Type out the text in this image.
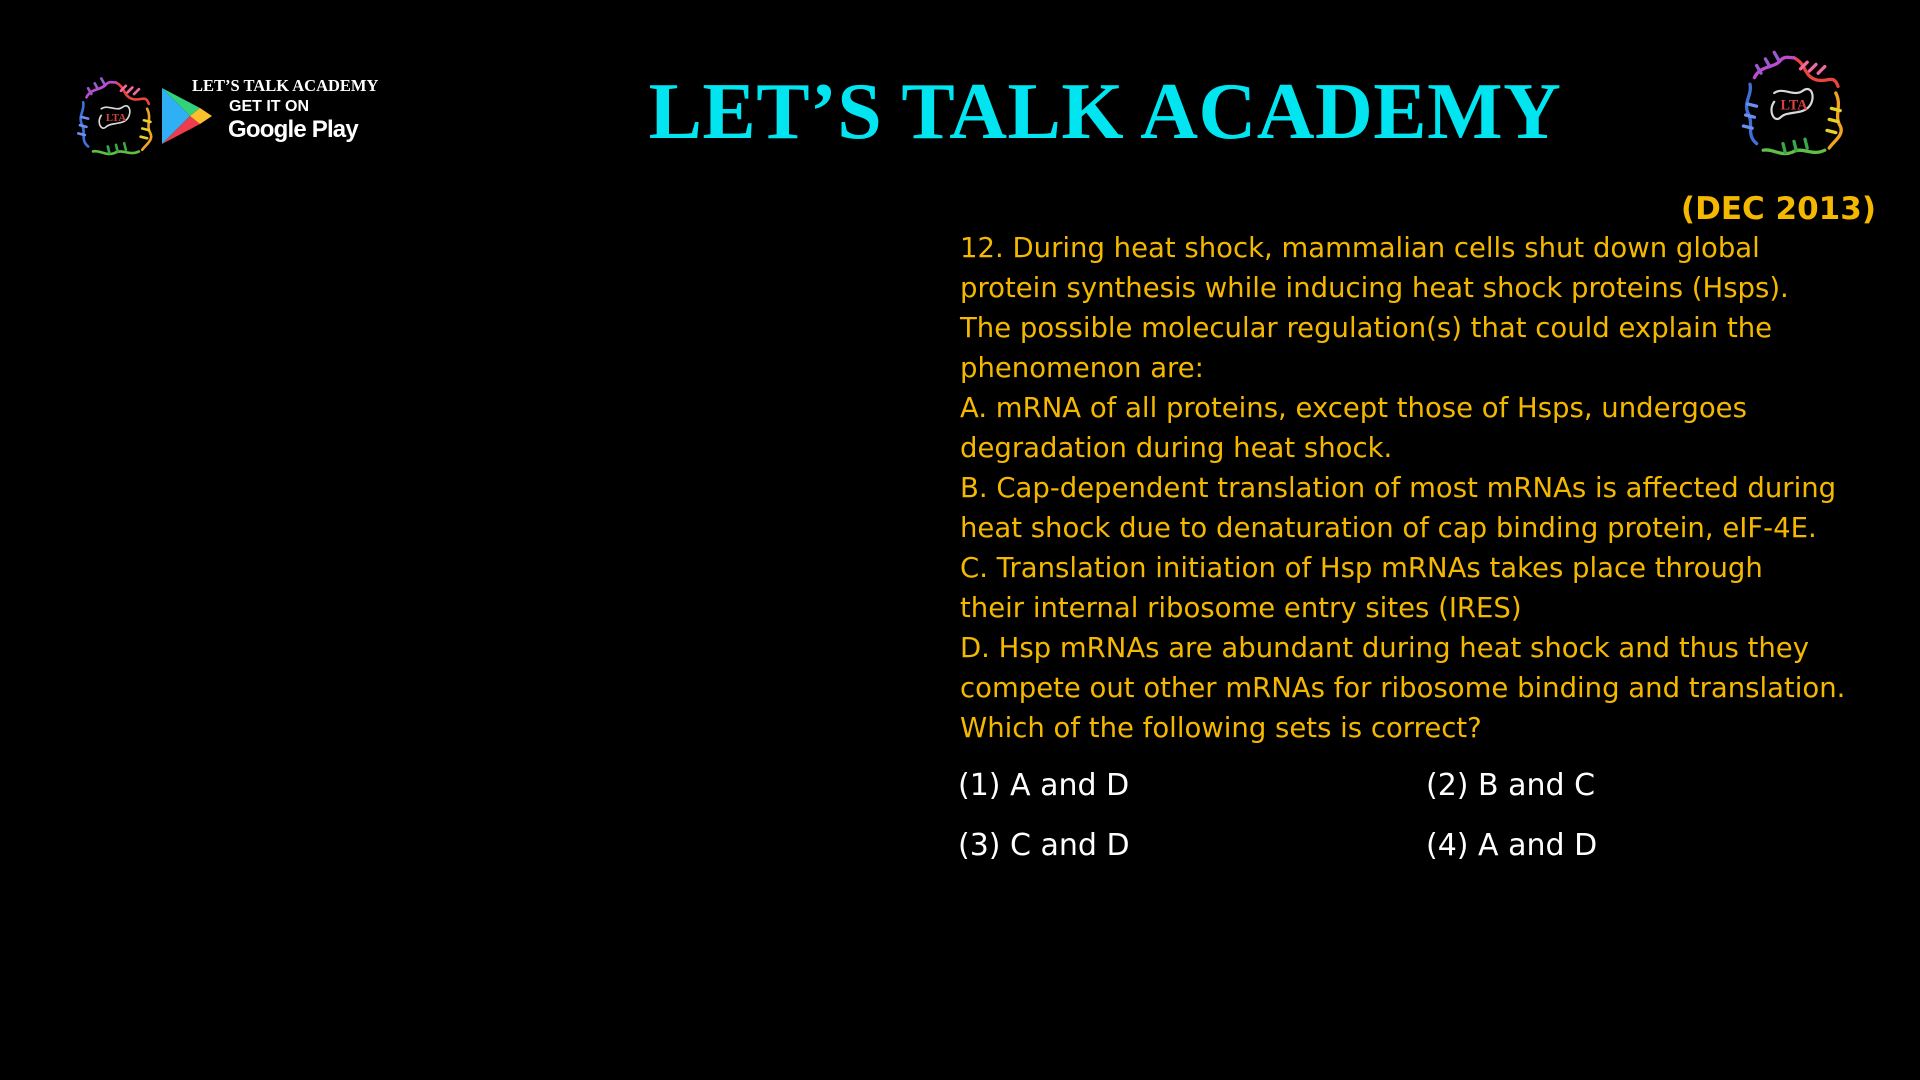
LTA
LET’S TALK ACADEMY
GET IT ON
Google Play	LET’S TALK ACADEMY	LTA
(DEC 2013)
12. During heat shock, mammalian cells shut down global
protein synthesis while inducing heat shock proteins (Hsps).
The possible molecular regulation(s) that could explain the
phenomenon are:
A. mRNA of all proteins, except those of Hsps, undergoes
degradation during heat shock.
B. Cap-dependent translation of most mRNAs is affected during
heat shock due to denaturation of cap binding protein, eIF-4E.
C. Translation initiation of Hsp mRNAs takes place through
their internal ribosome entry sites (IRES)
D. Hsp mRNAs are abundant during heat shock and thus they
compete out other mRNAs for ribosome binding and translation.
Which of the following sets is correct?
(1) A and D	(2) B and C
(3) C and D	(4) A and D
